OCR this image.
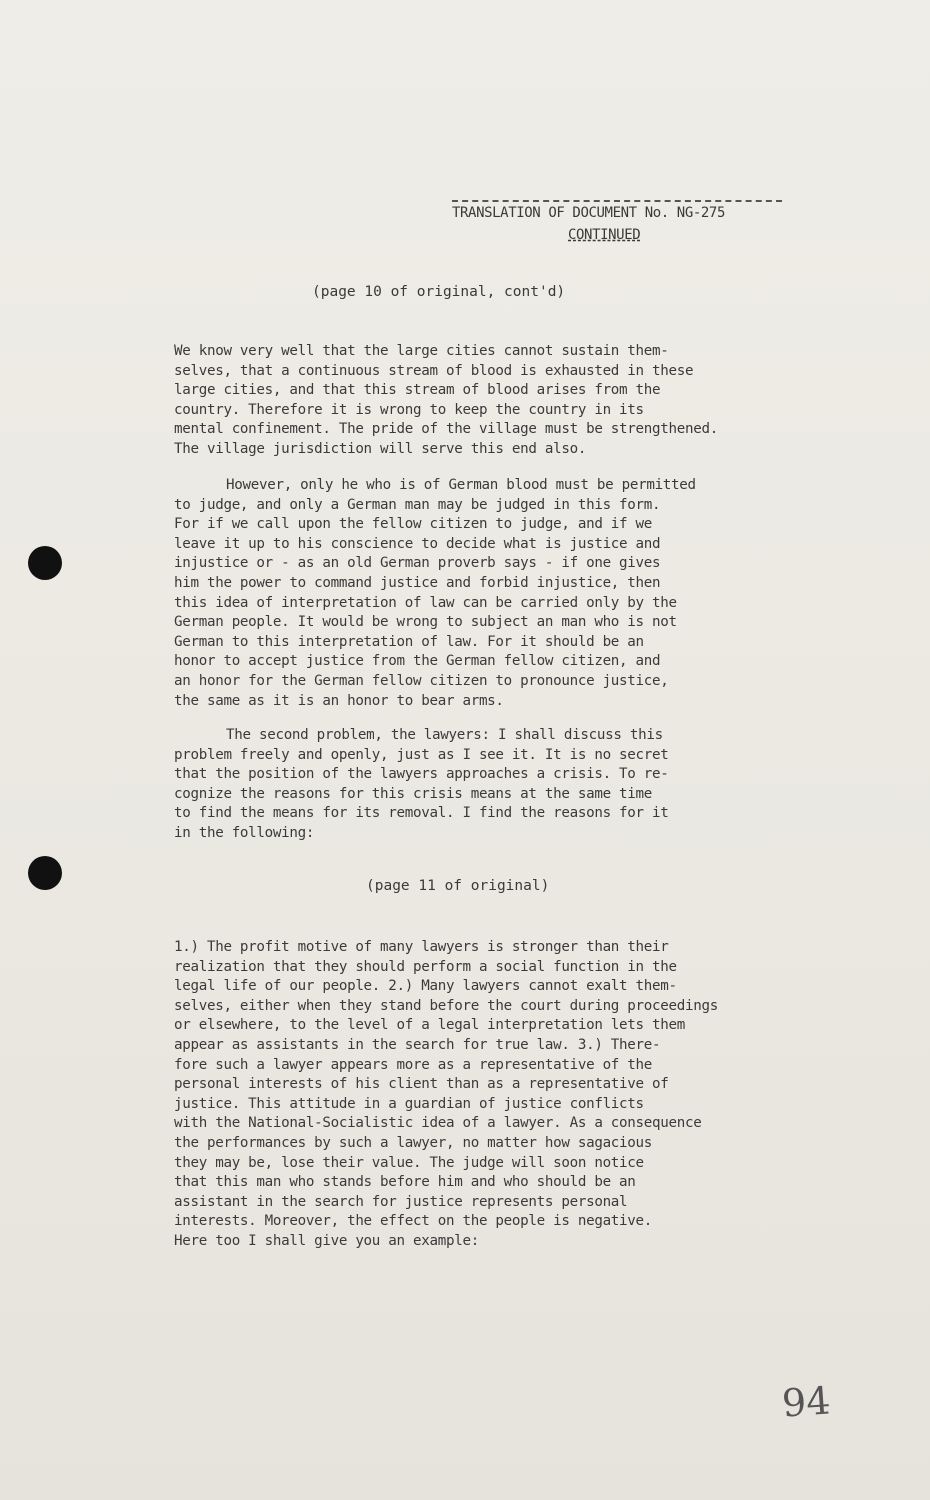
TRANSLATION OF DOCUMENT No. NG-275
CONTINUED
(page 10 of original, cont'd)
We know very well that the large cities cannot sustain them-
selves, that a continuous stream of blood is exhausted in these
large cities, and that this stream of blood arises from the
country. Therefore it is wrong to keep the country in its
mental confinement. The pride of the village must be strengthened.
The village jurisdiction will serve this end also.
However, only he who is of German blood must be permitted
to judge, and only a German man may be judged in this form.
For if we call upon the fellow citizen to judge, and if we
leave it up to his conscience to decide what is justice and
injustice or - as an old German proverb says - if one gives
him the power to command justice and forbid injustice, then
this idea of interpretation of law can be carried only by the
German people. It would be wrong to subject an man who is not
German to this interpretation of law. For it should be an
honor to accept justice from the German fellow citizen, and
an honor for the German fellow citizen to pronounce justice,
the same as it is an honor to bear arms.
The second problem, the lawyers: I shall discuss this
problem freely and openly, just as I see it. It is no secret
that the position of the lawyers approaches a crisis. To re-
cognize the reasons for this crisis means at the same time
to find the means for its removal. I find the reasons for it
in the following:
(page 11 of original)
1.) The profit motive of many lawyers is stronger than their
realization that they should perform a social function in the
legal life of our people. 2.) Many lawyers cannot exalt them-
selves, either when they stand before the court during proceedings
or elsewhere, to the level of a legal interpretation lets them
appear as assistants in the search for true law. 3.) There-
fore such a lawyer appears more as a representative of the
personal interests of his client than as a representative of
justice. This attitude in a guardian of justice conflicts
with the National-Socialistic idea of a lawyer. As a consequence
the performances by such a lawyer, no matter how sagacious
they may be, lose their value. The judge will soon notice
that this man who stands before him and who should be an
assistant in the search for justice represents personal
interests. Moreover, the effect on the people is negative.
Here too I shall give you an example:
94
